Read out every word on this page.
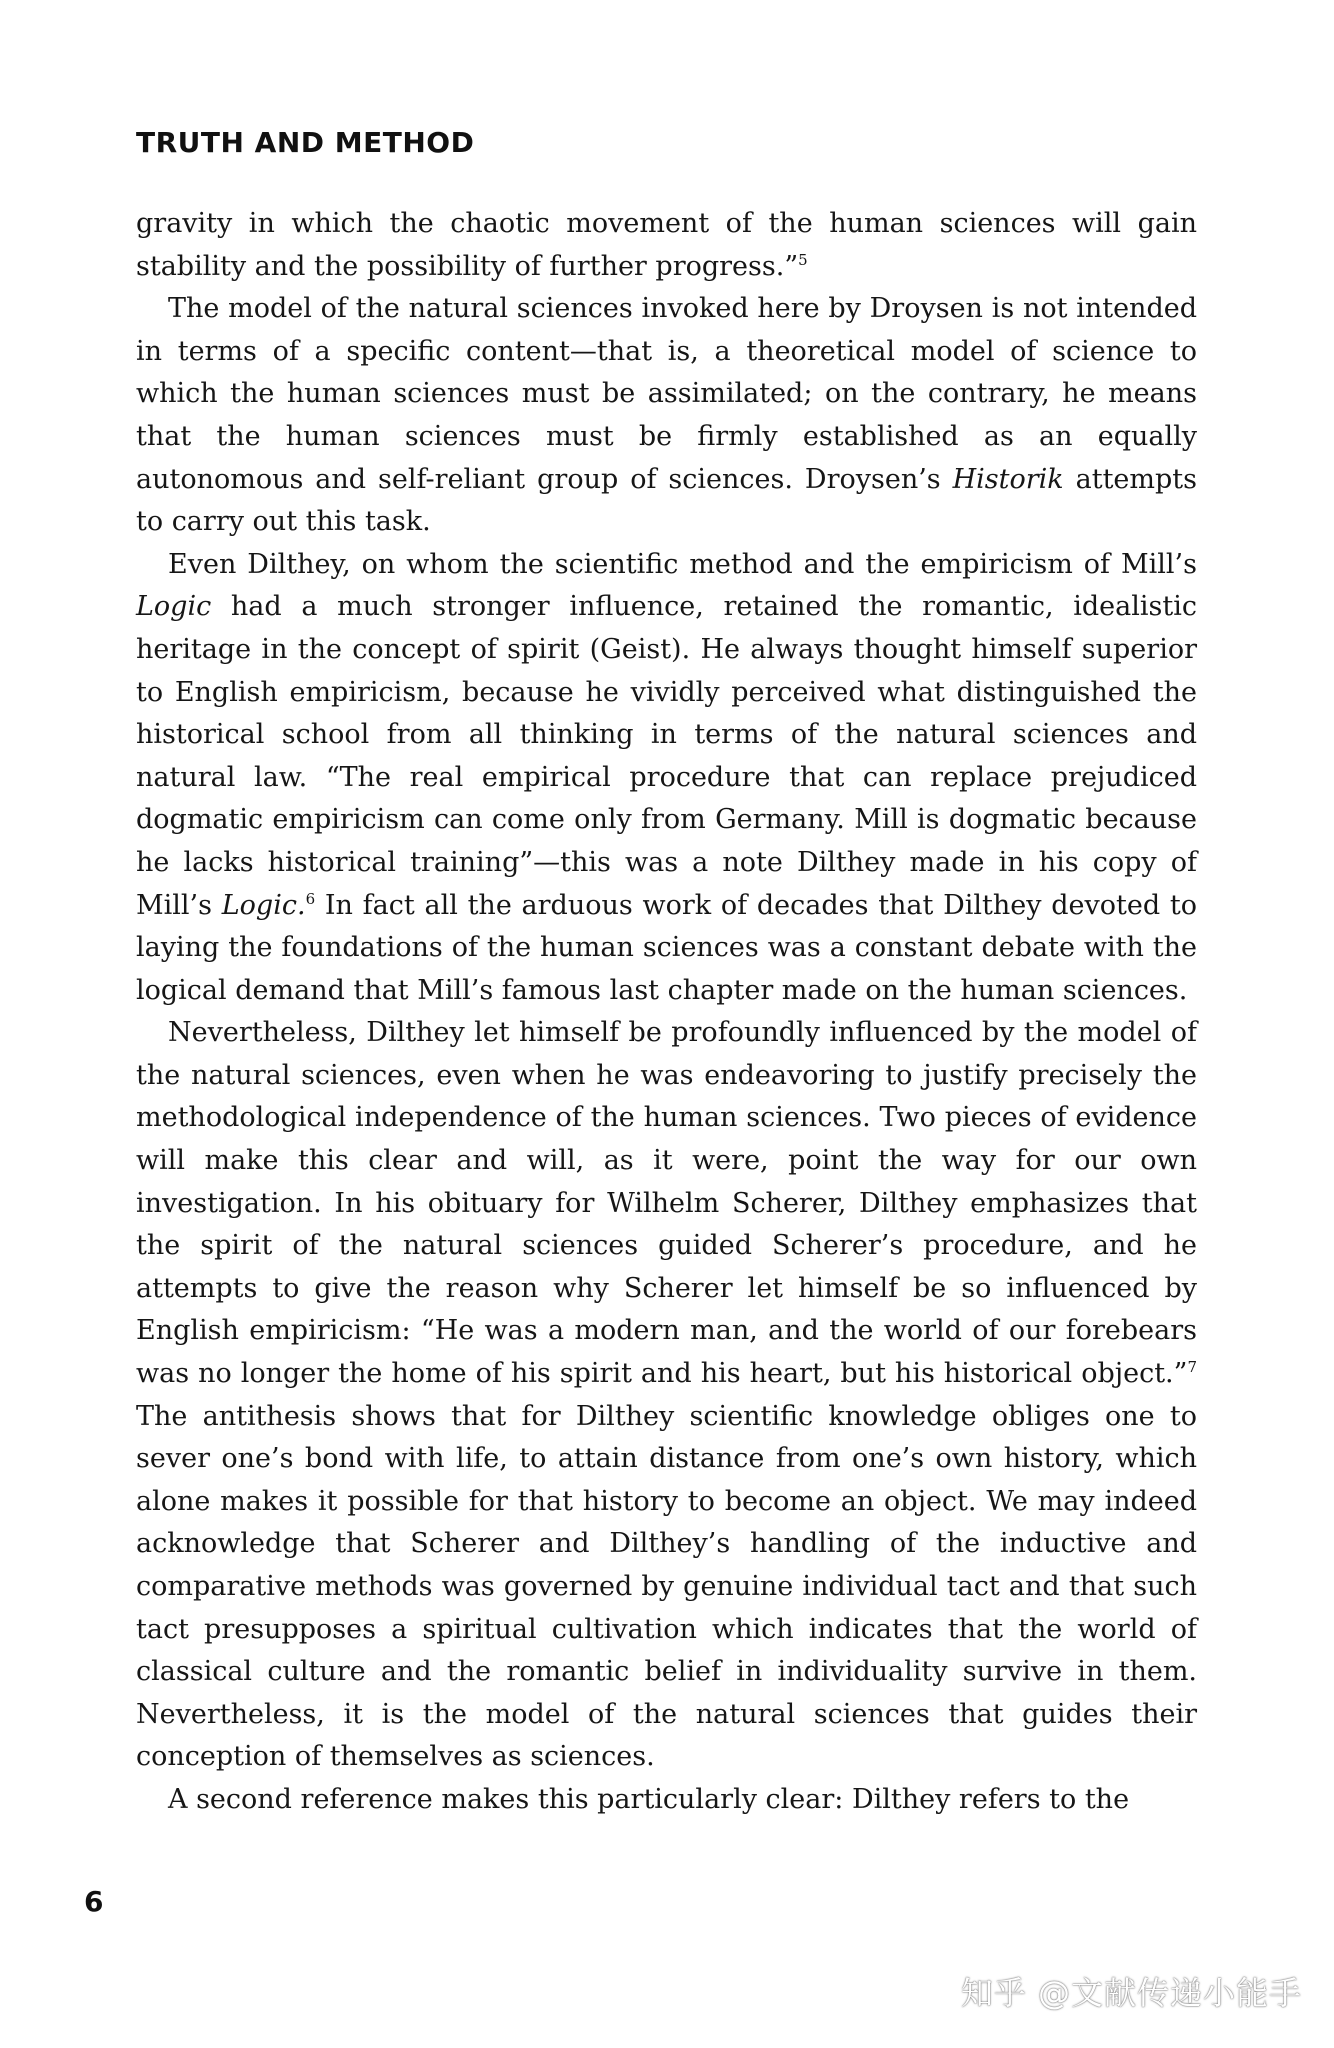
TRUTH AND METHOD

gravity in which the chaotic movement of the human sciences will gain stability and the possibility of further progress.”$^5$

The model of the natural sciences invoked here by Droysen is not intended in terms of a specific content—that is, a theoretical model of science to which the human sciences must be assimilated; on the contrary, he means that the human sciences must be firmly established as an equally autonomous and self-reliant group of sciences. Droysen’s Historik attempts to carry out this task.

Even Dilthey, on whom the scientific method and the empiricism of Mill’s Logic had a much stronger influence, retained the romantic, idealistic heritage in the concept of spirit (Geist). He always thought himself superior to English empiricism, because he vividly perceived what distinguished the historical school from all thinking in terms of the natural sciences and natural law. “The real empirical procedure that can replace prejudiced dogmatic empiricism can come only from Germany. Mill is dogmatic because he lacks historical training”—this was a note Dilthey made in his copy of Mill’s Logic.$^6$ In fact all the arduous work of decades that Dilthey devoted to laying the foundations of the human sciences was a constant debate with the logical demand that Mill’s famous last chapter made on the human sciences.

Nevertheless, Dilthey let himself be profoundly influenced by the model of the natural sciences, even when he was endeavoring to justify precisely the methodological independence of the human sciences. Two pieces of evidence will make this clear and will, as it were, point the way for our own investigation. In his obituary for Wilhelm Scherer, Dilthey emphasizes that the spirit of the natural sciences guided Scherer’s procedure, and he attempts to give the reason why Scherer let himself be so influenced by English empiricism: “He was a modern man, and the world of our forebears was no longer the home of his spirit and his heart, but his historical object.”$^7$ The antithesis shows that for Dilthey scientific knowledge obliges one to sever one’s bond with life, to attain distance from one’s own history, which alone makes it possible for that history to become an object. We may indeed acknowledge that Scherer and Dilthey’s handling of the inductive and comparative methods was governed by genuine individual tact and that such tact presupposes a spiritual cultivation which indicates that the world of classical culture and the romantic belief in individuality survive in them. Nevertheless, it is the model of the natural sciences that guides their conception of themselves as sciences.

A second reference makes this particularly clear: Dilthey refers to the

6
知乎 @文献传递小能手
